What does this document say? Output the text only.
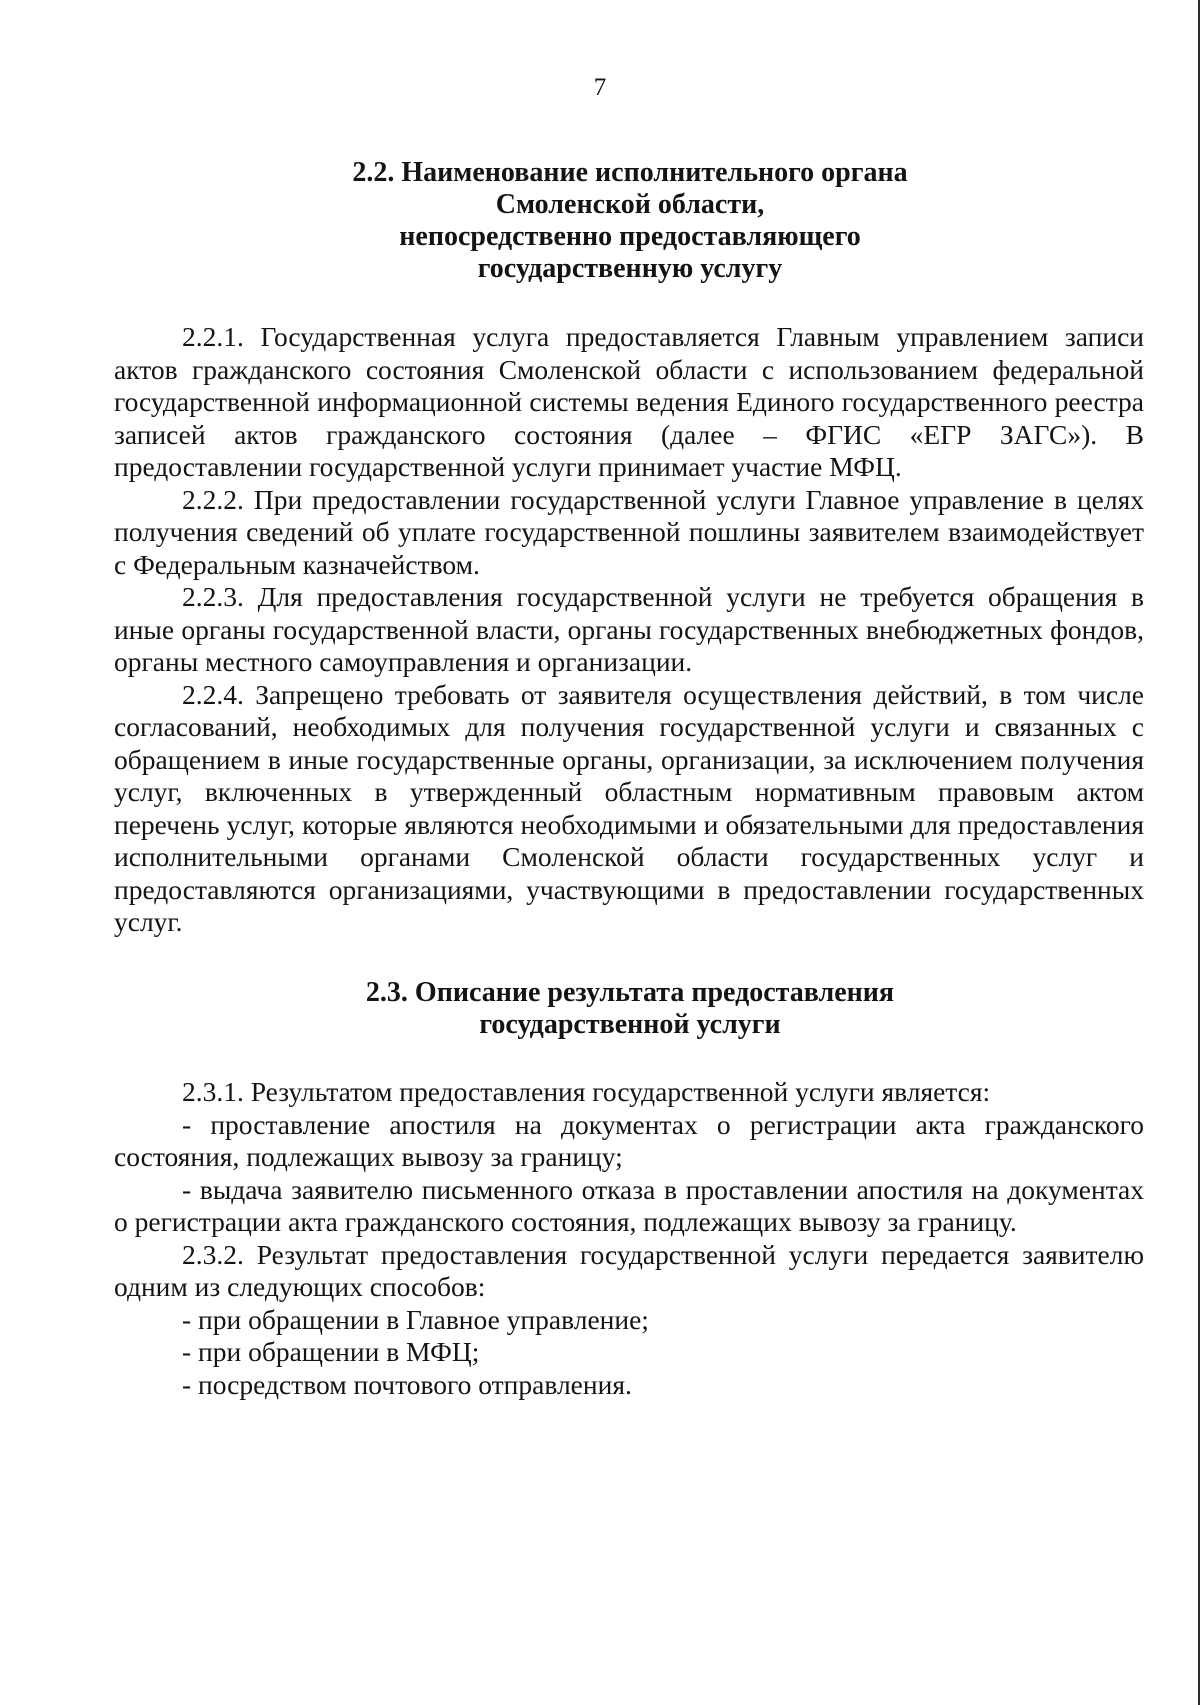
7
2.2. Наименование исполнительного органа
Смоленской области,
непосредственно предоставляющего
государственную услугу

2.2.1. Государственная услуга предоставляется Главным управлением записи актов гражданского состояния Смоленской области с использованием федеральной государственной информационной системы ведения Единого государственного реестра записей актов гражданского состояния (далее – ФГИС «ЕГР ЗАГС»). В предоставлении государственной услуги принимает участие МФЦ.

2.2.2. При предоставлении государственной услуги Главное управление в целях получения сведений об уплате государственной пошлины заявителем взаимодействует с Федеральным казначейством.

2.2.3. Для предоставления государственной услуги не требуется обращения в иные органы государственной власти, органы государственных внебюджетных фондов, органы местного самоуправления и организации.

2.2.4. Запрещено требовать от заявителя осуществления действий, в том числе согласований, необходимых для получения государственной услуги и связанных с обращением в иные государственные органы, организации, за исключением получения услуг, включенных в утвержденный областным нормативным правовым актом перечень услуг, которые являются необходимыми и обязательными для предоставления исполнительными органами Смоленской области государственных услуг и предоставляются организациями, участвующими в предоставлении государственных услуг.

2.3. Описание результата предоставления
государственной услуги

2.3.1. Результатом предоставления государственной услуги является:

- проставление апостиля на документах о регистрации акта гражданского состояния, подлежащих вывозу за границу;

- выдача заявителю письменного отказа в проставлении апостиля на документах о регистрации акта гражданского состояния, подлежащих вывозу за границу.

2.3.2. Результат предоставления государственной услуги передается заявителю одним из следующих способов:

- при обращении в Главное управление;

- при обращении в МФЦ;

- посредством почтового отправления.
